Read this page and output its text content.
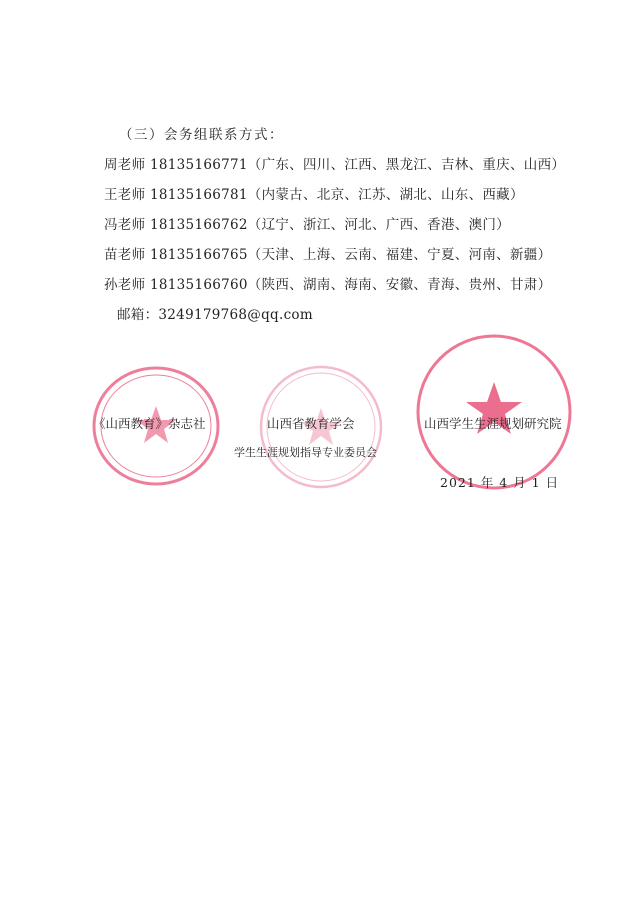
（三）会务组联系方式：
周老师 18135166771（广东、四川、江西、黑龙江、吉林、重庆、山西）
王老师 18135166781（内蒙古、北京、江苏、湖北、山东、西藏）
冯老师 18135166762（辽宁、浙江、河北、广西、香港、澳门）
苗老师 18135166765（天津、上海、云南、福建、宁夏、河南、新疆）
孙老师 18135166760（陕西、湖南、海南、安徽、青海、贵州、甘肃）
邮箱：3249179768@qq.com
《山西教育》杂志社	山西省教育学会
学生生涯规划指导专业委员会
山西学生生涯规划研究院
2021 年 4 月 1 日
